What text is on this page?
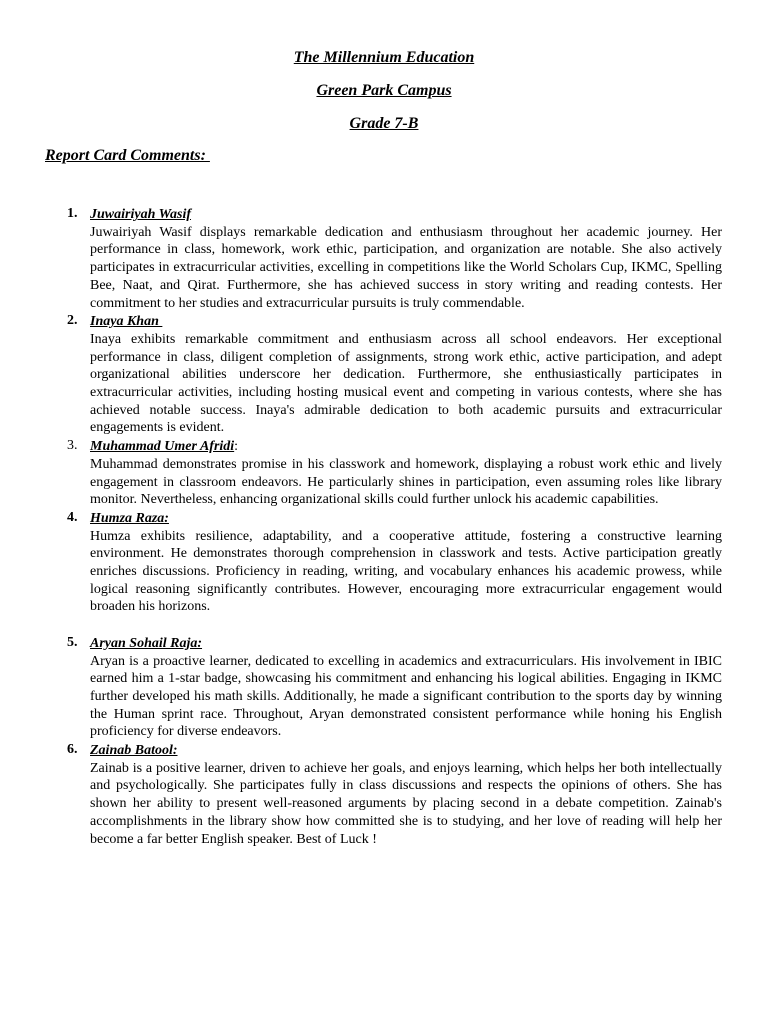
The Millennium Education
Green Park Campus
Grade 7-B
Report Card Comments:
1. Juwairiyah Wasif

Juwairiyah Wasif displays remarkable dedication and enthusiasm throughout her academic journey. Her performance in class, homework, work ethic, participation, and organization are notable. She also actively participates in extracurricular activities, excelling in competitions like the World Scholars Cup, IKMC, Spelling Bee, Naat, and Qirat. Furthermore, she has achieved success in story writing and reading contests. Her commitment to her studies and extracurricular pursuits is truly commendable.

2. Inaya Khan

Inaya exhibits remarkable commitment and enthusiasm across all school endeavors. Her exceptional performance in class, diligent completion of assignments, strong work ethic, active participation, and adept organizational abilities underscore her dedication. Furthermore, she enthusiastically participates in extracurricular activities, including hosting musical event and competing in various contests, where she has achieved notable success. Inaya's admirable dedication to both academic pursuits and extracurricular engagements is evident.

3. Muhammad Umer Afridi:

Muhammad demonstrates promise in his classwork and homework, displaying a robust work ethic and lively engagement in classroom endeavors. He particularly shines in participation, even assuming roles like library monitor. Nevertheless, enhancing organizational skills could further unlock his academic capabilities.

4. Humza Raza:

Humza exhibits resilience, adaptability, and a cooperative attitude, fostering a constructive learning environment. He demonstrates thorough comprehension in classwork and tests. Active participation greatly enriches discussions. Proficiency in reading, writing, and vocabulary enhances his academic prowess, while logical reasoning significantly contributes. However, encouraging more extracurricular engagement would broaden his horizons.

5. Aryan Sohail Raja:

Aryan is a proactive learner, dedicated to excelling in academics and extracurriculars. His involvement in IBIC earned him a 1-star badge, showcasing his commitment and enhancing his logical abilities. Engaging in IKMC further developed his math skills. Additionally, he made a significant contribution to the sports day by winning the Human sprint race. Throughout, Aryan demonstrated consistent performance while honing his English proficiency for diverse endeavors.

6. Zainab Batool:

Zainab is a positive learner, driven to achieve her goals, and enjoys learning, which helps her both intellectually and psychologically. She participates fully in class discussions and respects the opinions of others. She has shown her ability to present well-reasoned arguments by placing second in a debate competition. Zainab's accomplishments in the library show how committed she is to studying, and her love of reading will help her become a far better English speaker. Best of Luck !
